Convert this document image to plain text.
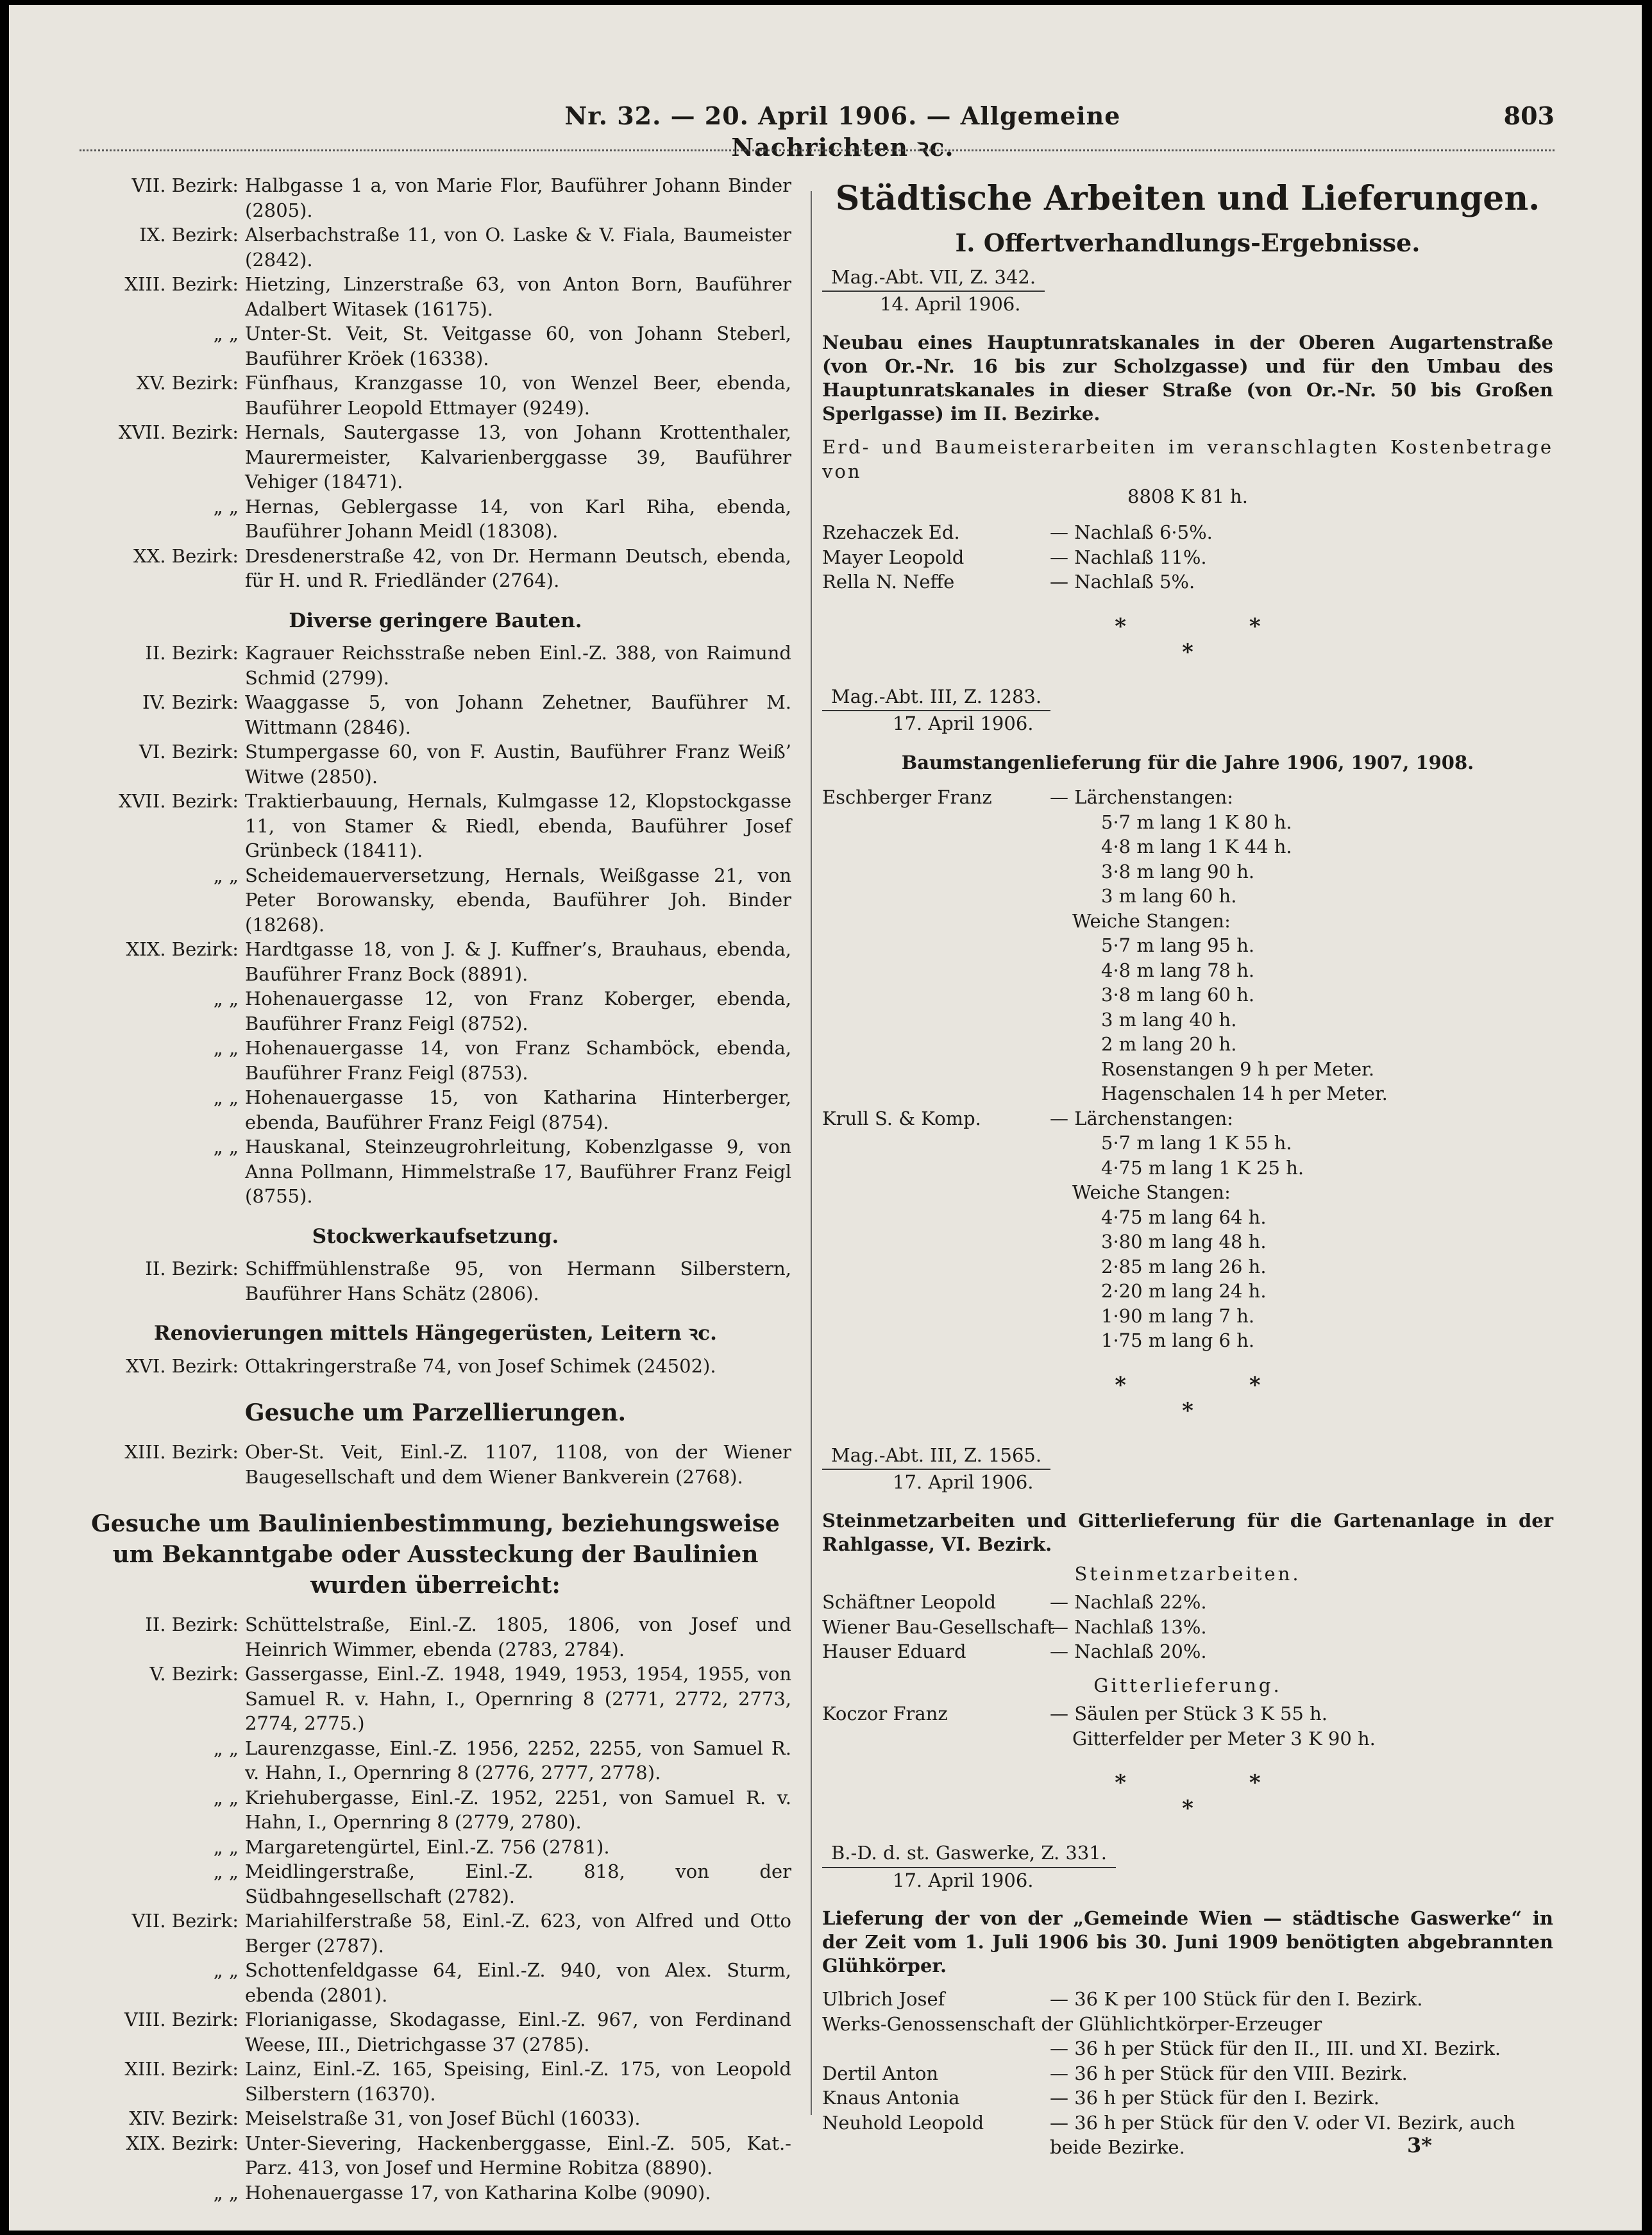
Nr. 32. — 20. April 1906. — Allgemeine Nachrichten ꝛc.
803
VII. Bezirk: Halbgasse 1 a, von Marie Flor, Bauführer Johann Binder (2805).
IX. Bezirk: Alserbachstraße 11, von O. Laske & V. Fiala, Baumeister (2842).
XIII. Bezirk: Hietzing, Linzerstraße 63, von Anton Born, Bauführer Adalbert Witasek (16175).
„ „ Unter-St. Veit, St. Veitgasse 60, von Johann Steberl, Bauführer Kröek (16338).
XV. Bezirk: Fünfhaus, Kranzgasse 10, von Wenzel Beer, ebenda, Bauführer Leopold Ettmayer (9249).
XVII. Bezirk: Hernals, Sautergasse 13, von Johann Krottenthaler, Maurermeister, Kalvarienberggasse 39, Bauführer Vehiger (18471).
„ „ Hernas, Geblergasse 14, von Karl Riha, ebenda, Bauführer Johann Meidl (18308).
XX. Bezirk: Dresdenerstraße 42, von Dr. Hermann Deutsch, ebenda, für H. und R. Friedländer (2764).
Diverse geringere Bauten.
II. Bezirk: Kagrauer Reichsstraße neben Einl.-Z. 388, von Raimund Schmid (2799).
IV. Bezirk: Waaggasse 5, von Johann Zehetner, Bauführer M. Wittmann (2846).
VI. Bezirk: Stumpergasse 60, von F. Austin, Bauführer Franz Weiß’ Witwe (2850).
XVII. Bezirk: Traktierbauung, Hernals, Kulmgasse 12, Klopstockgasse 11, von Stamer & Riedl, ebenda, Bauführer Josef Grünbeck (18411).
„ „ Scheidemauerversetzung, Hernals, Weißgasse 21, von Peter Borowansky, ebenda, Bauführer Joh. Binder (18268).
XIX. Bezirk: Hardtgasse 18, von J. & J. Kuffner’s, Brauhaus, ebenda, Bauführer Franz Bock (8891).
„ „ Hohenauergasse 12, von Franz Koberger, ebenda, Bauführer Franz Feigl (8752).
„ „ Hohenauergasse 14, von Franz Schamböck, ebenda, Bauführer Franz Feigl (8753).
„ „ Hohenauergasse 15, von Katharina Hinterberger, ebenda, Bauführer Franz Feigl (8754).
„ „ Hauskanal, Steinzeugrohrleitung, Kobenzlgasse 9, von Anna Pollmann, Himmelstraße 17, Bauführer Franz Feigl (8755).
Stockwerkaufsetzung.
II. Bezirk: Schiffmühlenstraße 95, von Hermann Silberstern, Bauführer Hans Schätz (2806).
Renovierungen mittels Hängegerüsten, Leitern ꝛc.
XVI. Bezirk: Ottakringerstraße 74, von Josef Schimek (24502).
Gesuche um Parzellierungen.
XIII. Bezirk: Ober-St. Veit, Einl.-Z. 1107, 1108, von der Wiener Baugesellschaft und dem Wiener Bankverein (2768).
Gesuche um Baulinienbestimmung, beziehungsweise um Bekanntgabe oder Aussteckung der Baulinien wurden überreicht:
II. Bezirk: Schüttelstraße, Einl.-Z. 1805, 1806, von Josef und Heinrich Wimmer, ebenda (2783, 2784).
V. Bezirk: Gassergasse, Einl.-Z. 1948, 1949, 1953, 1954, 1955, von Samuel R. v. Hahn, I., Opernring 8 (2771, 2772, 2773, 2774, 2775.)
„ „ Laurenzgasse, Einl.-Z. 1956, 2252, 2255, von Samuel R. v. Hahn, I., Opernring 8 (2776, 2777, 2778).
„ „ Kriehubergasse, Einl.-Z. 1952, 2251, von Samuel R. v. Hahn, I., Opernring 8 (2779, 2780).
„ „ Margaretengürtel, Einl.-Z. 756 (2781).
„ „ Meidlingerstraße, Einl.-Z. 818, von der Südbahngesellschaft (2782).
VII. Bezirk: Mariahilferstraße 58, Einl.-Z. 623, von Alfred und Otto Berger (2787).
„ „ Schottenfeldgasse 64, Einl.-Z. 940, von Alex. Sturm, ebenda (2801).
VIII. Bezirk: Florianigasse, Skodagasse, Einl.-Z. 967, von Ferdinand Weese, III., Dietrichgasse 37 (2785).
XIII. Bezirk: Lainz, Einl.-Z. 165, Speising, Einl.-Z. 175, von Leopold Silberstern (16370).
XIV. Bezirk: Meiselstraße 31, von Josef Büchl (16033).
XIX. Bezirk: Unter-Sievering, Hackenberggasse, Einl.-Z. 505, Kat.-Parz. 413, von Josef und Hermine Robitza (8890).
„ „ Hohenauergasse 17, von Katharina Kolbe (9090).
Städtische Arbeiten und Lieferungen.
I. Offertverhandlungs-Ergebnisse.
Mag.-Abt. VII, Z. 342.
14. April 1906.
Neubau eines Hauptunratskanales in der Oberen Augartenstraße (von Or.-Nr. 16 bis zur Scholzgasse) und für den Umbau des Hauptunratskanales in dieser Straße (von Or.-Nr. 50 bis Großen Sperlgasse) im II. Bezirke.
Erd- und Baumeisterarbeiten im veranschlagten Kostenbetrage von
8808 K 81 h.
Rzehaczek Ed.	— Nachlaß 6·5%.
Mayer Leopold	— Nachlaß 11%.
Rella N. Neffe	— Nachlaß 5%.
* *
*
Mag.-Abt. III, Z. 1283.
17. April 1906.
Baumstangenlieferung für die Jahre 1906, 1907, 1908.
Eschberger Franz	— Lärchenstangen:
5·7 m lang 1 K 80 h.
4·8 m lang 1 K 44 h.
3·8 m lang 90 h.
3 m lang 60 h.
Weiche Stangen:
5·7 m lang 95 h.
4·8 m lang 78 h.
3·8 m lang 60 h.
3 m lang 40 h.
2 m lang 20 h.
Rosenstangen 9 h per Meter.
Hagenschalen 14 h per Meter.
Krull S. & Komp.	— Lärchenstangen:
5·7 m lang 1 K 55 h.
4·75 m lang 1 K 25 h.
Weiche Stangen:
4·75 m lang 64 h.
3·80 m lang 48 h.
2·85 m lang 26 h.
2·20 m lang 24 h.
1·90 m lang 7 h.
1·75 m lang 6 h.
* *
*
Mag.-Abt. III, Z. 1565.
17. April 1906.
Steinmetzarbeiten und Gitterlieferung für die Gartenanlage in der Rahlgasse, VI. Bezirk.
Steinmetzarbeiten.
Schäftner Leopold	— Nachlaß 22%.
Wiener Bau-Gesellschaft
— Nachlaß 13%.
Hauser Eduard	— Nachlaß 20%.
Gitterlieferung.
Koczor Franz	— Säulen per Stück 3 K 55 h.
Gitterfelder per Meter 3 K 90 h.
* *
*
B.-D. d. st. Gaswerke, Z. 331.
17. April 1906.
Lieferung der von der „Gemeinde Wien — städtische Gaswerke“ in der Zeit vom 1. Juli 1906 bis 30. Juni 1909 benötigten abgebrannten Glühkörper.
Ulbrich Josef	— 36 K per 100 Stück für den I. Bezirk.
Werks-Genossenschaft der Glühlichtkörper-Erzeuger
— 36 h per Stück für den II., III. und XI. Bezirk.
Dertil Anton	— 36 h per Stück für den VIII. Bezirk.
Knaus Antonia	— 36 h per Stück für den I. Bezirk.
Neuhold Leopold	— 36 h per Stück für den V. oder VI. Bezirk, auch beide Bezirke.	3*
